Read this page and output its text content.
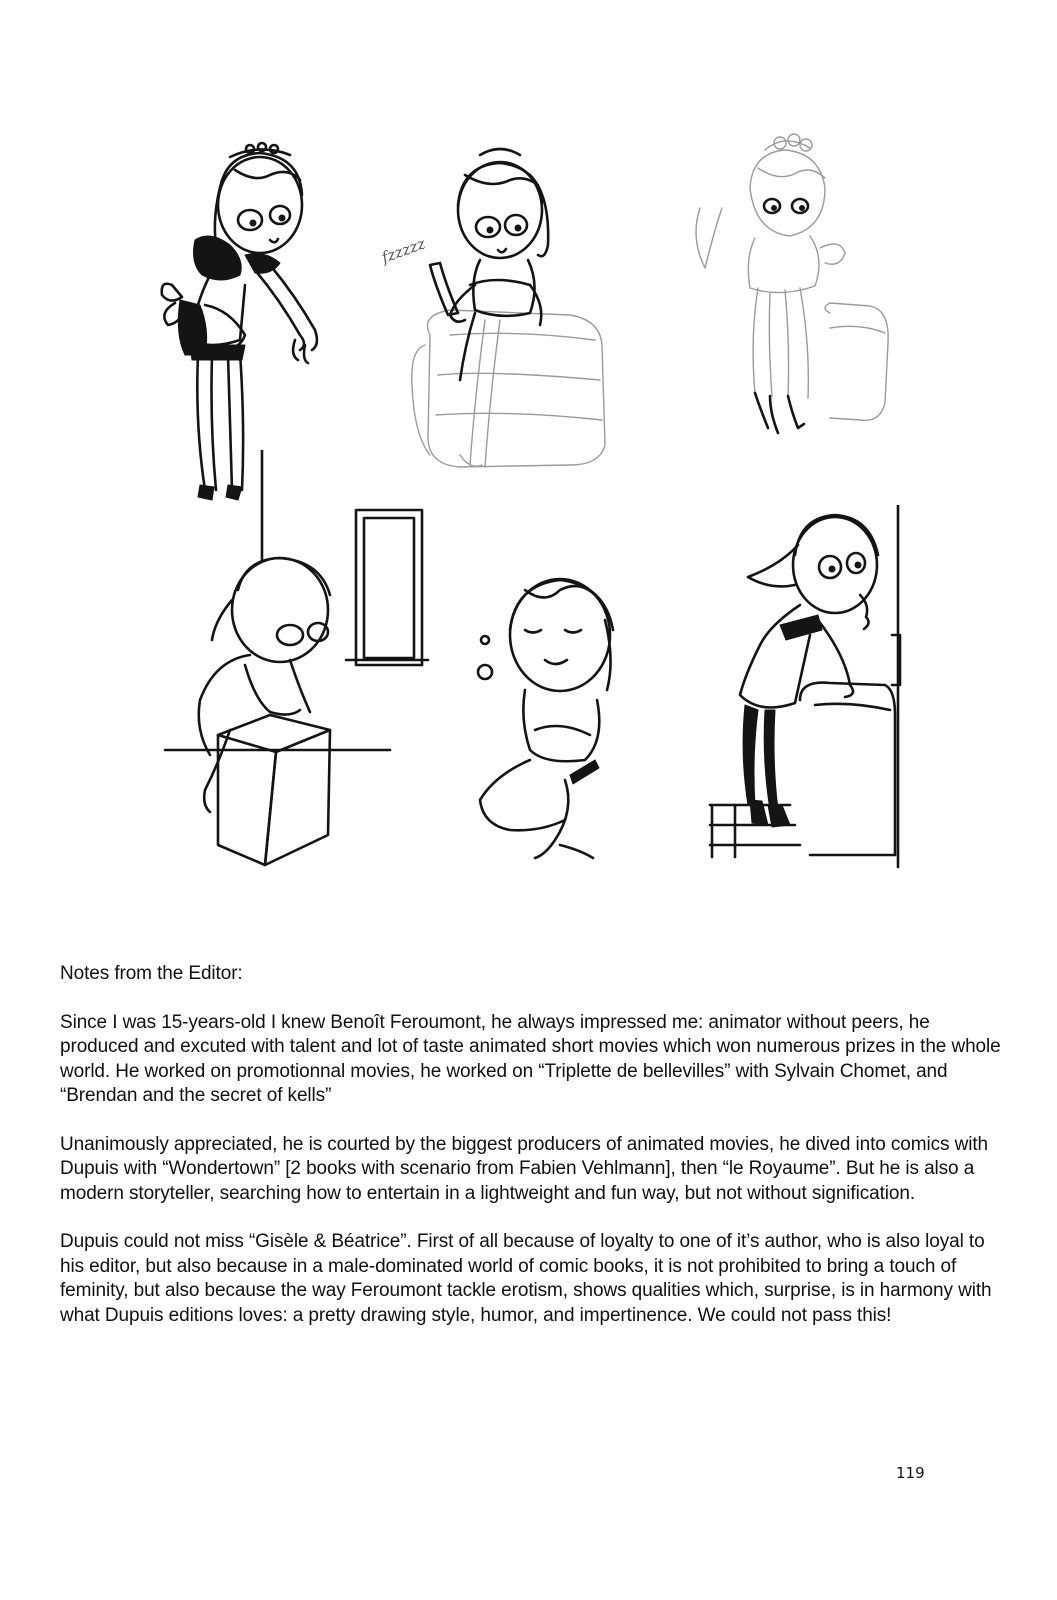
fzzzzz

Notes from the Editor:

Since I was 15-years-old I knew Benoît Feroumont, he always impressed me: animator without peers, he produced and excuted with talent and lot of taste animated short movies which won numerous prizes in the whole world. He worked on promotionnal movies, he worked on “Triplette de bellevilles” with Sylvain Chomet, and “Brendan and the secret of kells”

Unanimously appreciated, he is courted by the biggest producers of animated movies, he dived into comics with Dupuis with “Wondertown” [2 books with scenario from Fabien Vehlmann], then “le Royaume”. But he is also a modern storyteller, searching how to entertain in a lightweight and fun way, but not without signification.

Dupuis could not miss “Gisèle & Béatrice”. First of all because of loyalty to one of it’s author, who is also loyal to his editor, but also because in a male-dominated world of comic books, it is not prohibited to bring a touch of feminity, but also because the way Feroumont tackle erotism, shows qualities which, surprise, is in harmony with what Dupuis editions loves: a pretty drawing style, humor, and impertinence. We could not pass this!

119
